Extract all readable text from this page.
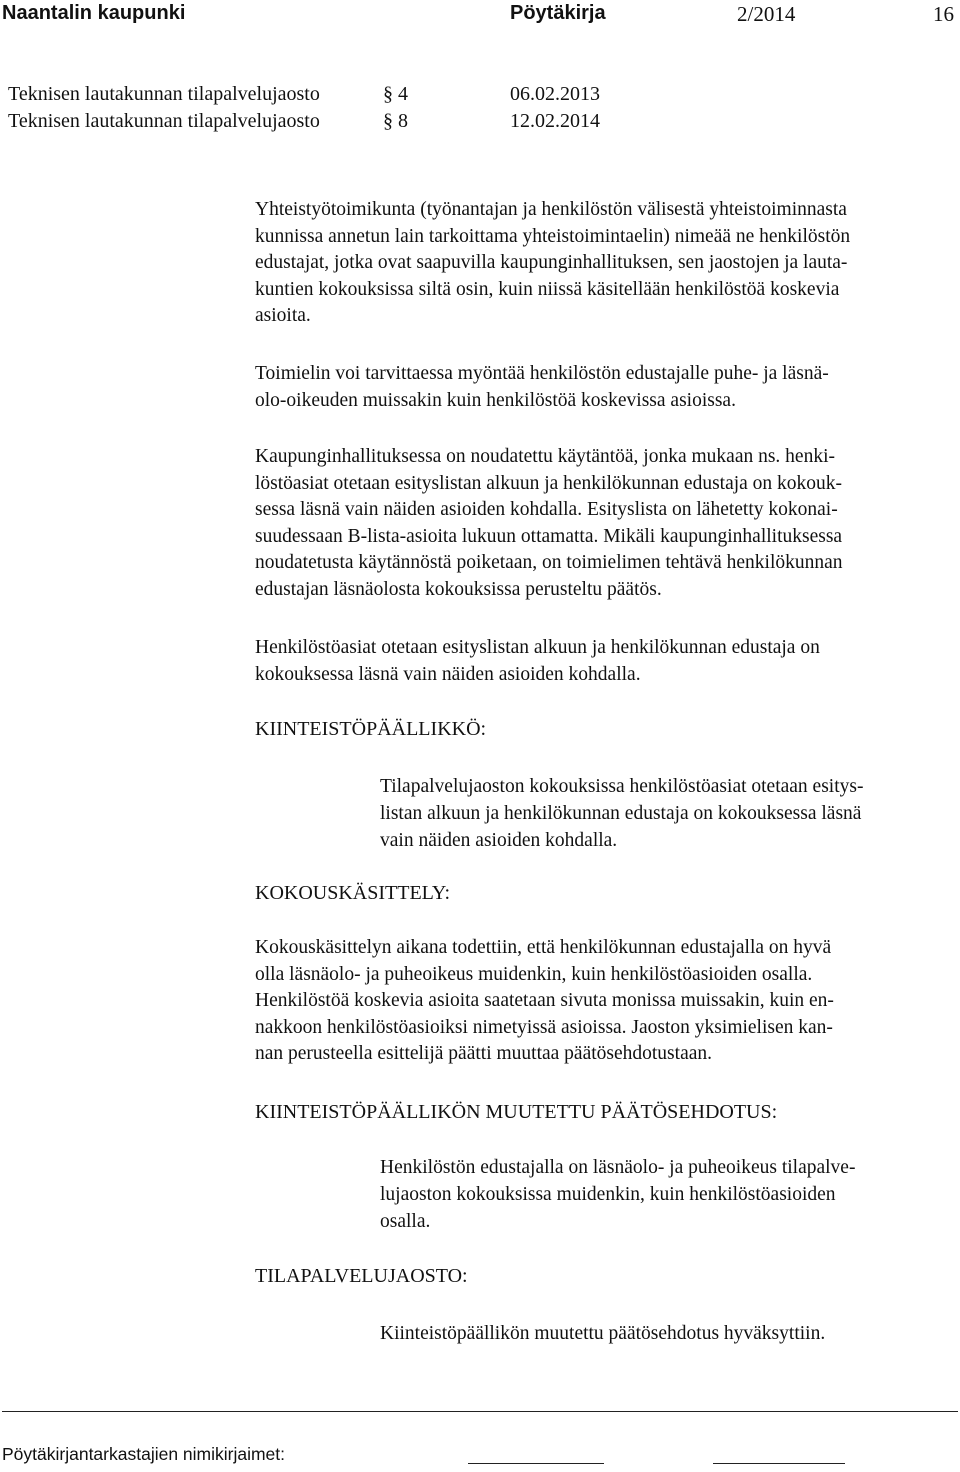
Naantalin kaupunki	Pöytäkirja	2/2014	16
Teknisen lautakunnan tilapalvelujaosto	§ 4	06.02.2013
Teknisen lautakunnan tilapalvelujaosto	§ 8	12.02.2014
Yhteistyötoimikunta (työnantajan ja henkilöstön välisestä yhteistoiminnasta
kunnissa annetun lain tarkoittama yhteistoimintaelin) nimeää ne henkilöstön
edustajat, jotka ovat saapuvilla kaupunginhallituksen, sen jaostojen ja lauta-
kuntien kokouksissa siltä osin, kuin niissä käsitellään henkilöstöä koskevia
asioita.
Toimielin voi tarvittaessa myöntää henkilöstön edustajalle puhe- ja läsnä-
olo-oikeuden muissakin kuin henkilöstöä koskevissa asioissa.
Kaupunginhallituksessa on noudatettu käytäntöä, jonka mukaan ns. henki-
löstöasiat otetaan esityslistan alkuun ja henkilökunnan edustaja on kokouk-
sessa läsnä vain näiden asioiden kohdalla. Esityslista on lähetetty kokonai-
suudessaan B-lista-asioita lukuun ottamatta. Mikäli kaupunginhallituksessa
noudatetusta käytännöstä poiketaan, on toimielimen tehtävä henkilökunnan
edustajan läsnäolosta kokouksissa perusteltu päätös.
Henkilöstöasiat otetaan esityslistan alkuun ja henkilökunnan edustaja on
kokouksessa läsnä vain näiden asioiden kohdalla.
KIINTEISTÖPÄÄLLIKKÖ:
Tilapalvelujaoston kokouksissa henkilöstöasiat otetaan esitys-
listan alkuun ja henkilökunnan edustaja on kokouksessa läsnä
vain näiden asioiden kohdalla.
KOKOUSKÄSITTELY:
Kokouskäsittelyn aikana todettiin, että henkilökunnan edustajalla on hyvä
olla läsnäolo- ja puheoikeus muidenkin, kuin henkilöstöasioiden osalla.
Henkilöstöä koskevia asioita saatetaan sivuta monissa muissakin, kuin en-
nakkoon henkilöstöasioiksi nimetyissä asioissa. Jaoston yksimielisen kan-
nan perusteella esittelijä päätti muuttaa päätösehdotustaan.
KIINTEISTÖPÄÄLLIKÖN MUUTETTU PÄÄTÖSEHDOTUS:
Henkilöstön edustajalla on läsnäolo- ja puheoikeus tilapalve-
lujaoston kokouksissa muidenkin, kuin henkilöstöasioiden
osalla.
TILAPALVELUJAOSTO:
Kiinteistöpäällikön muutettu päätösehdotus hyväksyttiin.
Pöytäkirjantarkastajien nimikirjaimet:
